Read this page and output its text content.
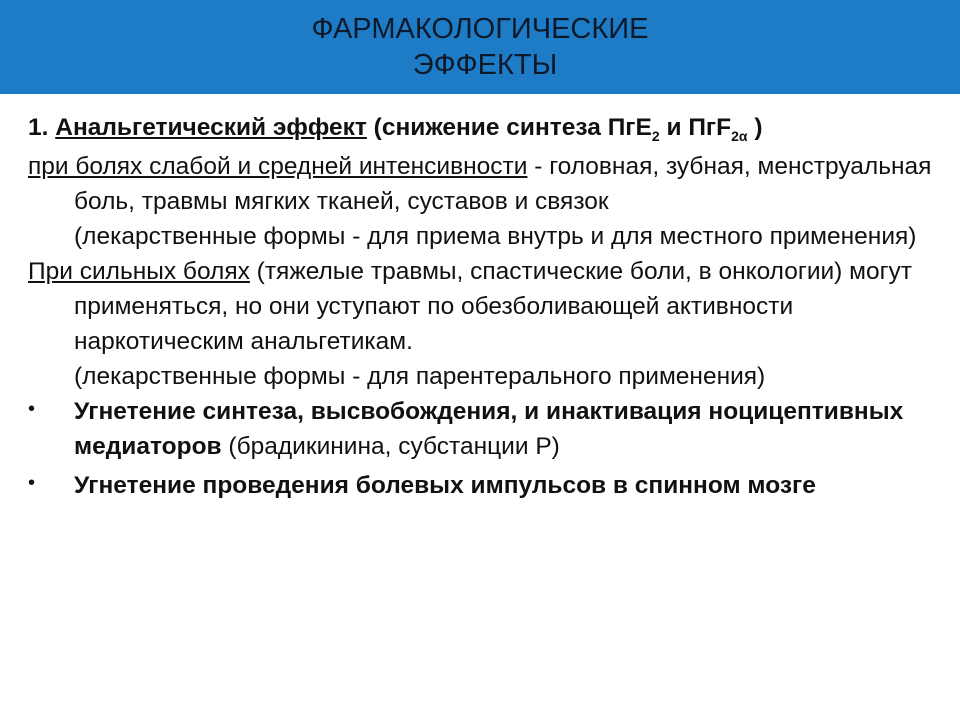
ФАРМАКОЛОГИЧЕСКИЕ
ЭФФЕКТЫ

1. Анальгетический эффект (снижение синтеза ПгЕ$_2$ и ПгF$_{2\alpha}$ )

при болях слабой и средней интенсивности - головная, зубная, менструальная боль, травмы мягких тканей, суставов и связок

(лекарственные формы - для приема внутрь и для местного применения)

При сильных болях (тяжелые травмы, спастические боли, в онкологии) могут применяться, но они уступают по обезболивающей активности наркотическим анальгетикам.

(лекарственные формы - для парентерального применения)

• Угнетение синтеза, высвобождения, и инактивация ноцицептивных медиаторов (брадикинина, субстанции Р)
• Угнетение проведения болевых импульсов в спинном мозге
